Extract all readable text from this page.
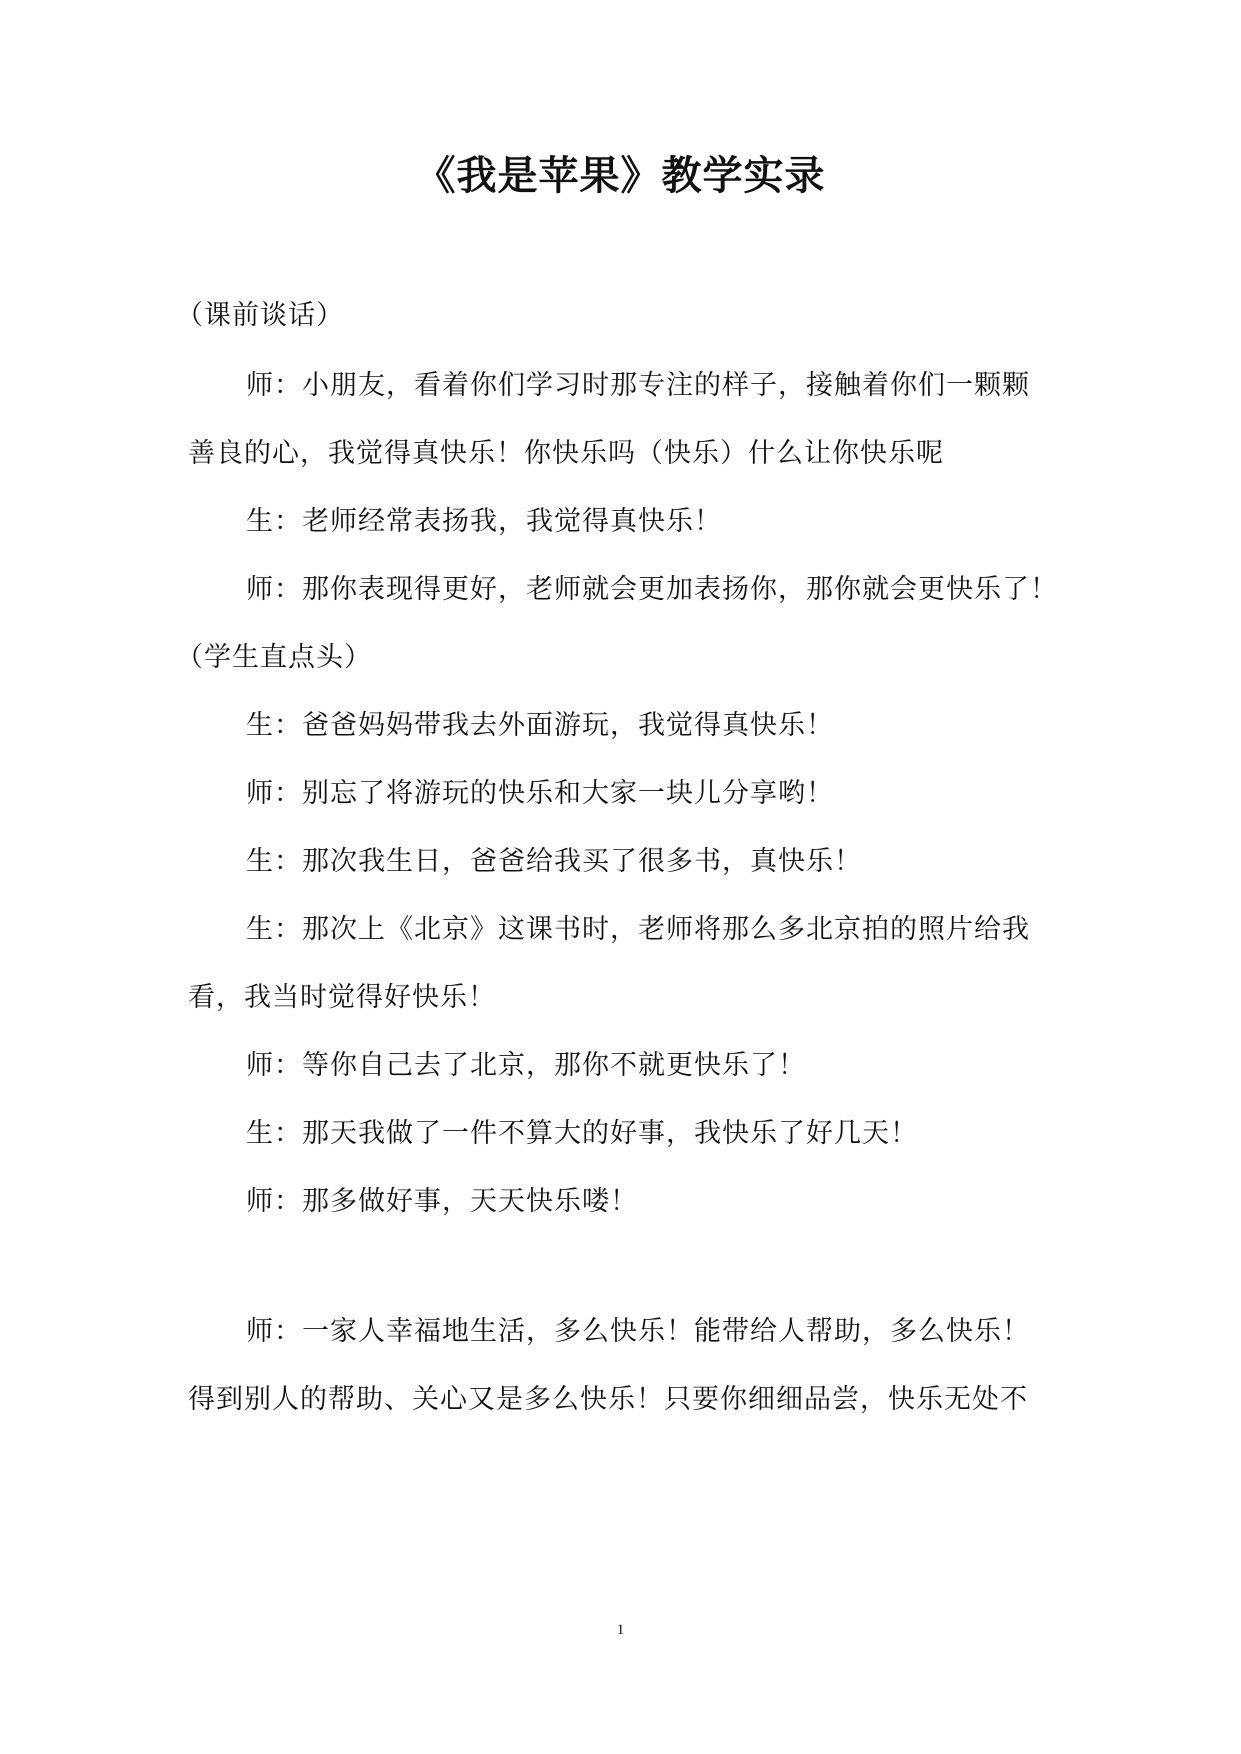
《我是苹果》教学实录
（课前谈话）
师：小朋友，看着你们学习时那专注的样子，接触着你们一颗颗
善良的心，我觉得真快乐！你快乐吗（快乐）什么让你快乐呢
生：老师经常表扬我，我觉得真快乐！
师：那你表现得更好，老师就会更加表扬你，那你就会更快乐了！
（学生直点头）
生：爸爸妈妈带我去外面游玩，我觉得真快乐！
师：别忘了将游玩的快乐和大家一块儿分享哟！
生：那次我生日，爸爸给我买了很多书，真快乐！
生：那次上《北京》这课书时，老师将那么多北京拍的照片给我
看，我当时觉得好快乐！
师：等你自己去了北京，那你不就更快乐了！
生：那天我做了一件不算大的好事，我快乐了好几天！
师：那多做好事，天天快乐喽！
师：一家人幸福地生活，多么快乐！能带给人帮助，多么快乐！
得到别人的帮助、关心又是多么快乐！只要你细细品尝，快乐无处不
1
